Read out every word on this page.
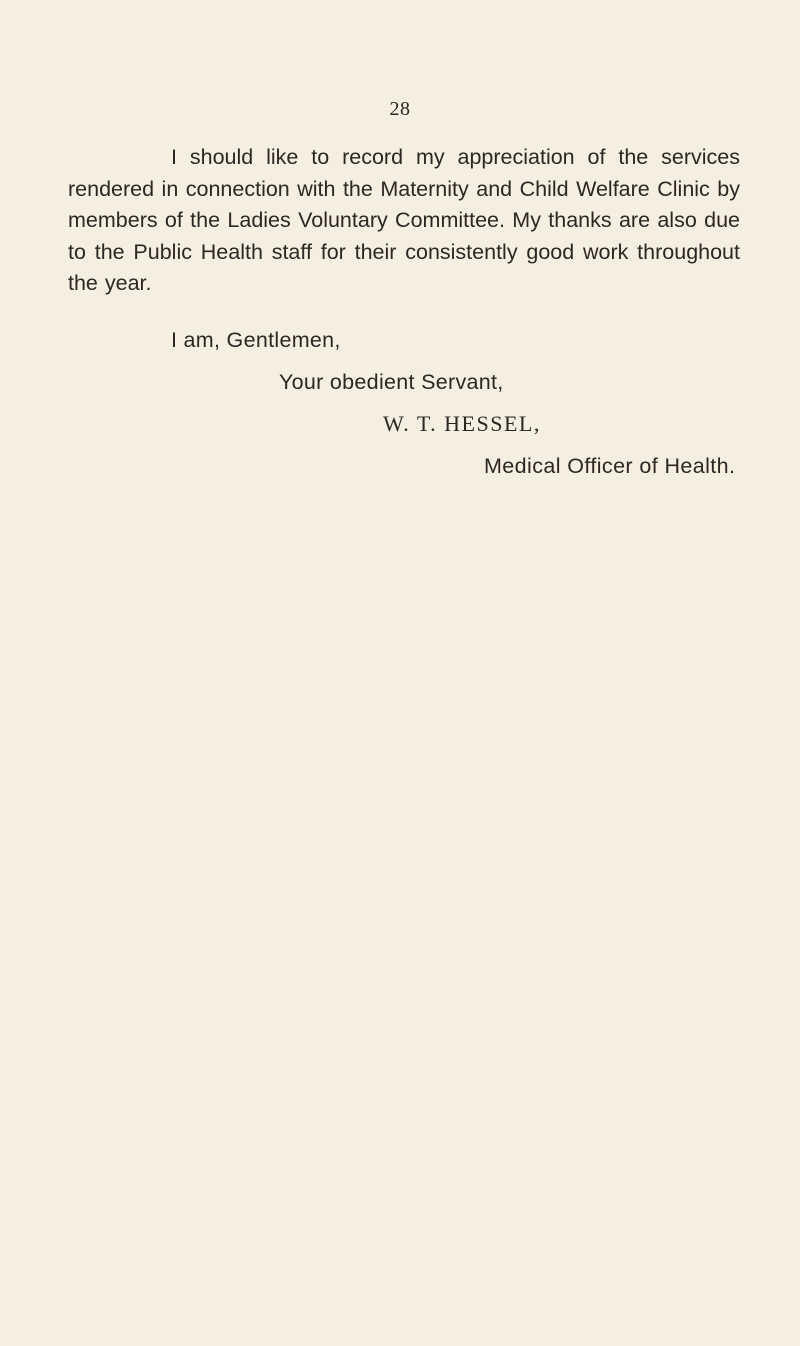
28

I should like to record my appreciation of the services rendered in connection with the Maternity and Child Welfare Clinic by members of the Ladies Voluntary Committee. My thanks are also due to the Public Health staff for their consistently good work throughout the year.

I am, Gentlemen,

Your obedient Servant,

W. T. HESSEL,

Medical Officer of Health.
